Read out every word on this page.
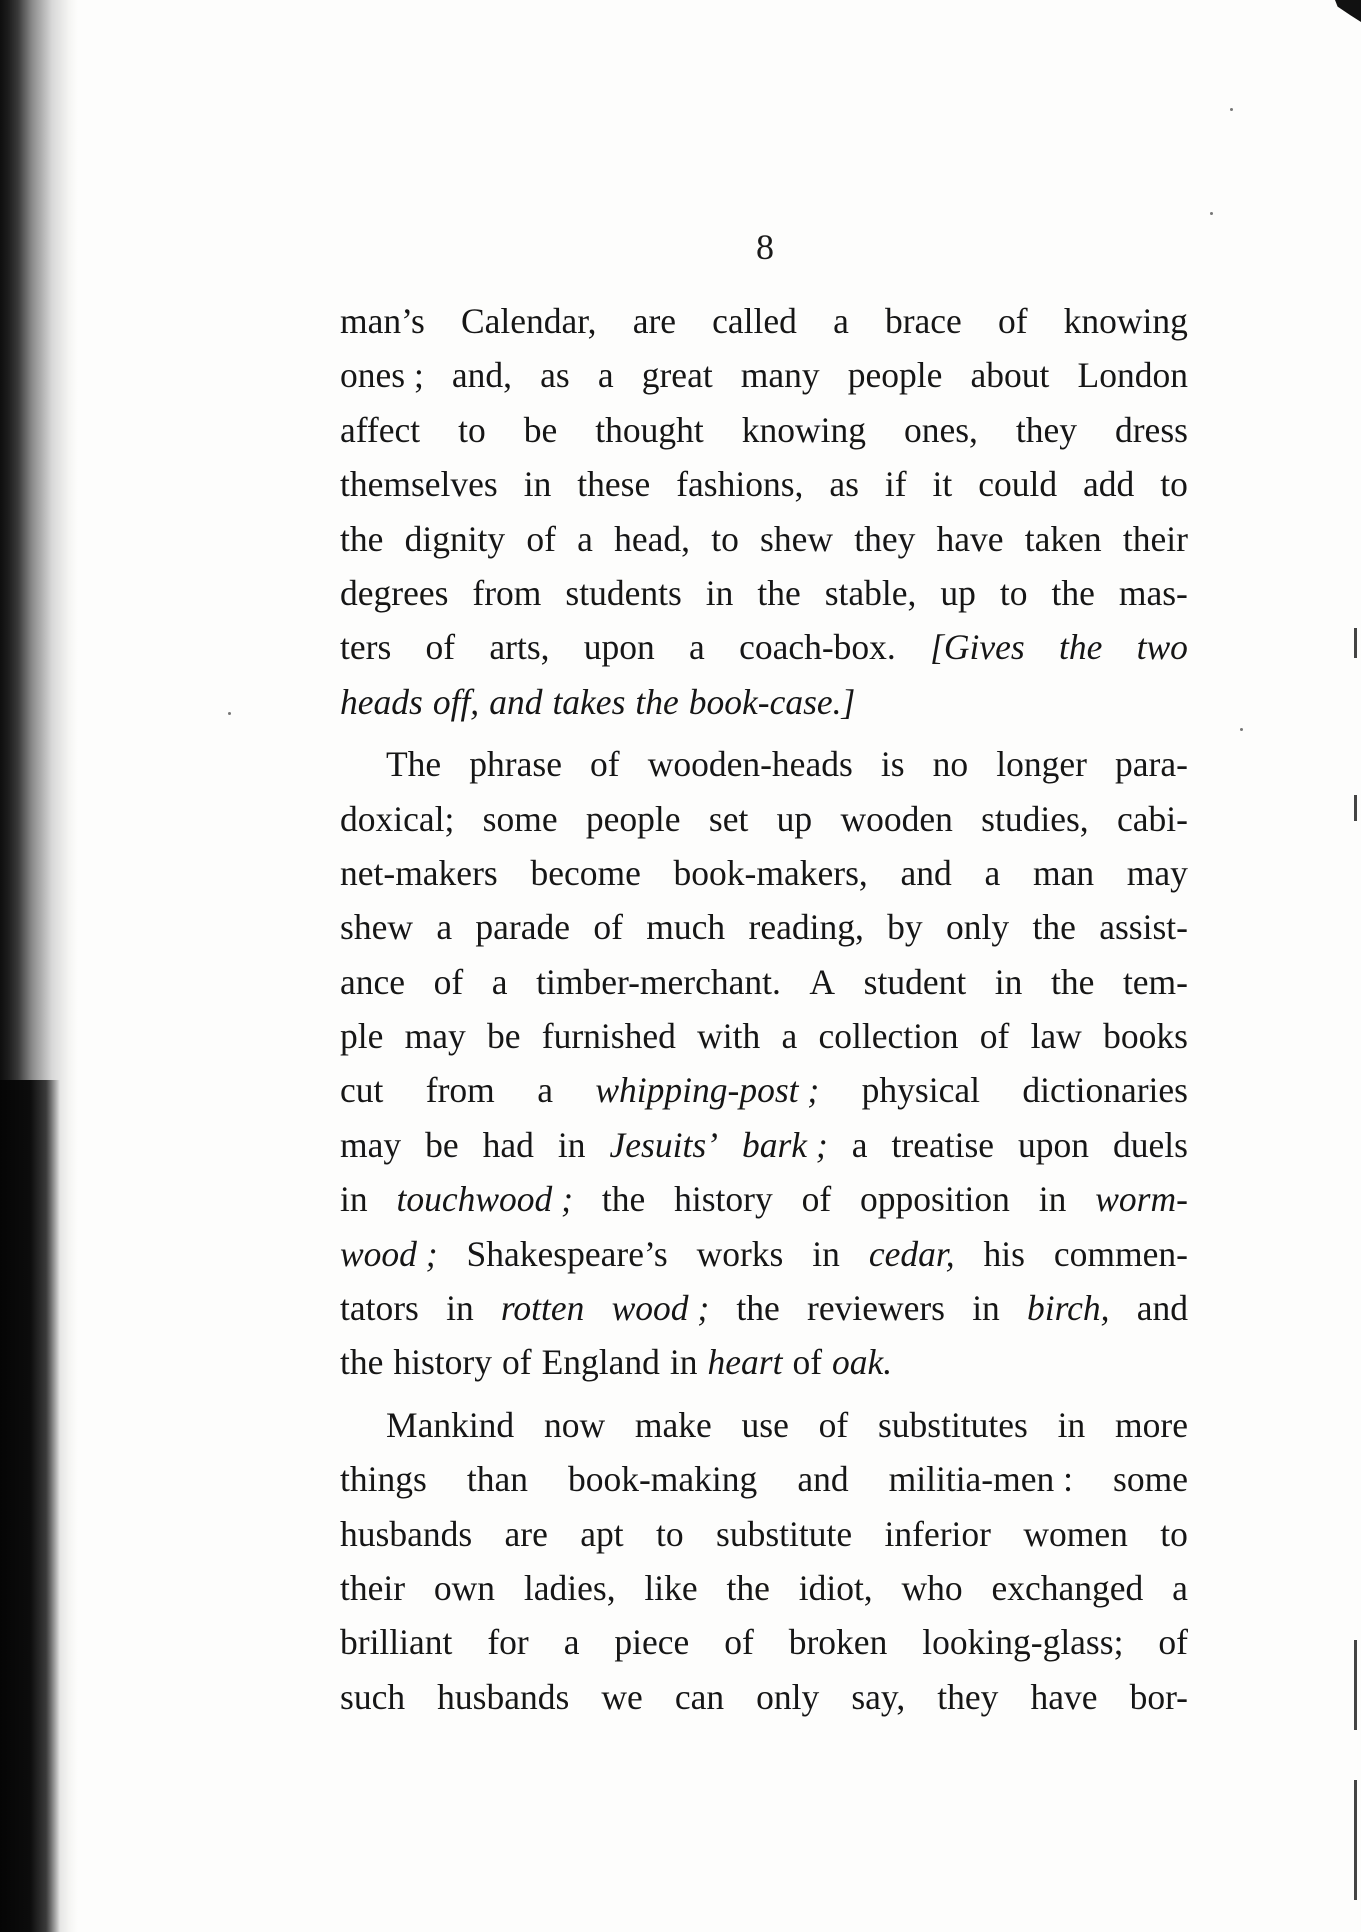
8
man’s Calendar, are called a brace of knowing
ones ; and, as a great many people about London
affect to be thought knowing ones, they dress
themselves in these fashions, as if it could add to
the dignity of a head, to shew they have taken their
degrees from students in the stable, up to the mas-
ters of arts, upon a coach-box. [Gives the two
heads off, and takes the book-case.]
The phrase of wooden-heads is no longer para-
doxical; some people set up wooden studies, cabi-
net-makers become book-makers, and a man may
shew a parade of much reading, by only the assist-
ance of a timber-merchant. A student in the tem-
ple may be furnished with a collection of law books
cut from a whipping-post ; physical dictionaries
may be had in Jesuits’ bark ; a treatise upon duels
in touchwood ; the history of opposition in worm-
wood ; Shakespeare’s works in cedar, his commen-
tators in rotten wood ; the reviewers in birch, and
the history of England in heart of oak.
Mankind now make use of substitutes in more
things than book-making and militia-men : some
husbands are apt to substitute inferior women to
their own ladies, like the idiot, who exchanged a
brilliant for a piece of broken looking-glass; of
such husbands we can only say, they have bor-
